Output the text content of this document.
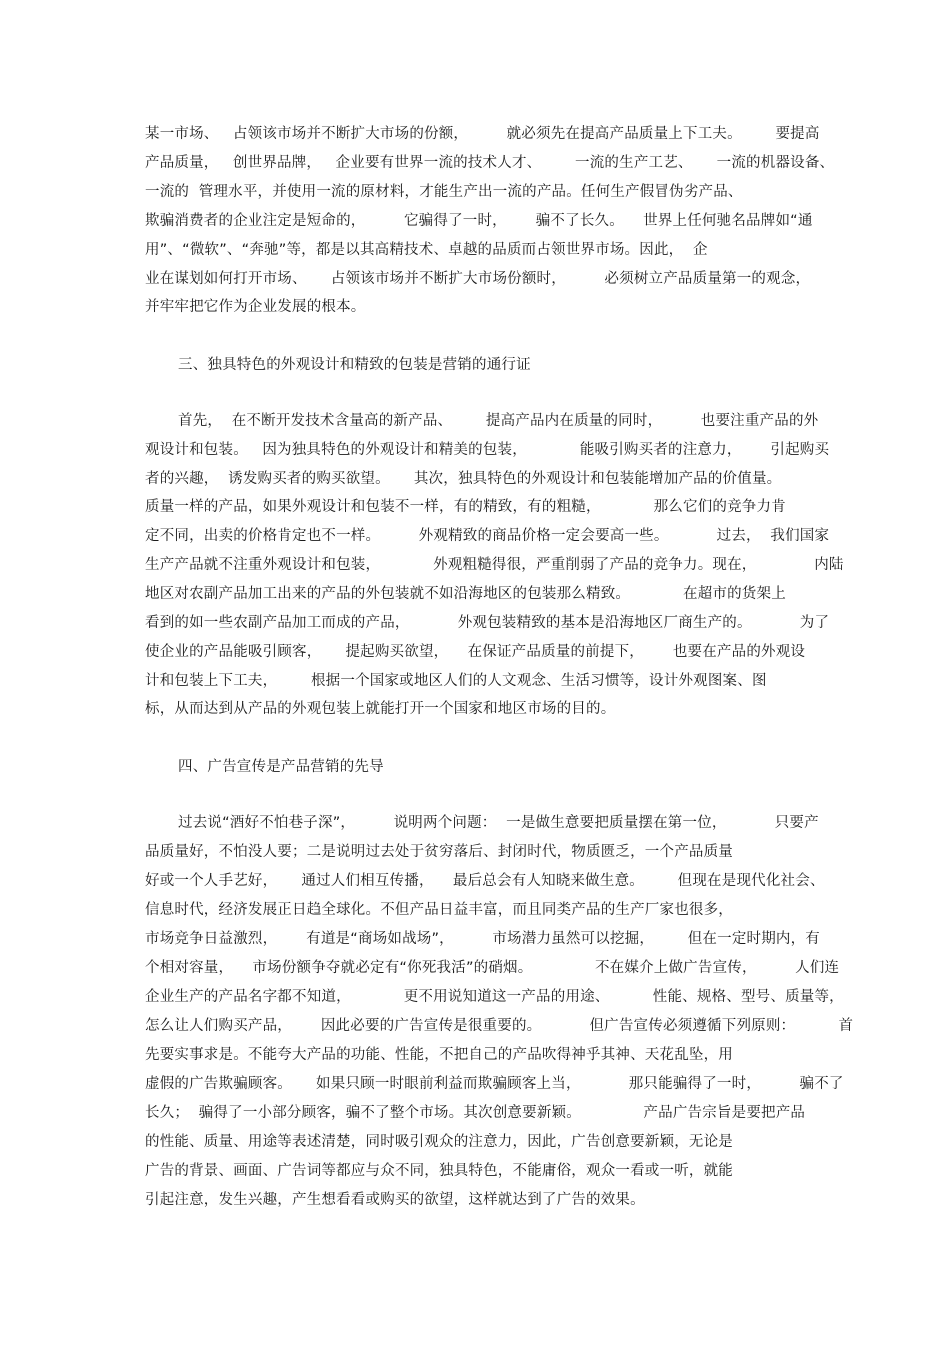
某一市场、   占领该市场并不断扩大市场的份额，        就必须先在提高产品质量上下工夫。       要提高
产品质量，   创世界品牌，   企业要有世界一流的技术人才、       一流的生产工艺、     一流的机器设备、
一流的  管理水平，并使用一流的原材料，才能生产出一流的产品。任何生产假冒伪劣产品、
欺骗消费者的企业注定是短命的，        它骗得了一时，      骗不了长久。    世界上任何驰名品牌如“通
用”、“微软”、“奔驰”等，都是以其高精技术、卓越的品质而占领世界市场。因此，  企
业在谋划如何打开市场、     占领该市场并不断扩大市场份额时，        必须树立产品质量第一的观念，
并牢牢把它作为企业发展的根本。
三、独具特色的外观设计和精致的包装是营销的通行证
首先，  在不断开发技术含量高的新产品、       提高产品内在质量的同时，        也要注重产品的外
观设计和包装。   因为独具特色的外观设计和精美的包装，           能吸引购买者的注意力，      引起购买
者的兴趣，  诱发购买者的购买欲望。     其次，独具特色的外观设计和包装能增加产品的价值量。
质量一样的产品，如果外观设计和包装不一样，有的精致，有的粗糙，           那么它们的竞争力肯
定不同，出卖的价格肯定也不一样。        外观精致的商品价格一定会要高一些。          过去，  我们国家
生产产品就不注重外观设计和包装，           外观粗糙得很，严重削弱了产品的竞争力。现在，            内陆
地区对农副产品加工出来的产品的外包装就不如沿海地区的包装那么精致。           在超市的货架上
看到的如一些农副产品加工而成的产品，          外观包装精致的基本是沿海地区厂商生产的。          为了
使企业的产品能吸引顾客，     提起购买欲望，    在保证产品质量的前提下，      也要在产品的外观设
计和包装上下工夫，       根据一个国家或地区人们的人文观念、生活习惯等，设计外观图案、图
标，从而达到从产品的外观包装上就能打开一个国家和地区市场的目的。
四、广告宣传是产品营销的先导
过去说“酒好不怕巷子深”，        说明两个问题：  一是做生意要把质量摆在第一位，          只要产
品质量好，不怕没人要；二是说明过去处于贫穷落后、封闭时代，物质匮乏，一个产品质量
好或一个人手艺好，     通过人们相互传播，    最后总会有人知晓来做生意。       但现在是现代化社会、
信息时代，经济发展正日趋全球化。不但产品日益丰富，而且同类产品的生产厂家也很多，
市场竞争日益激烈，      有道是“商场如战场”，        市场潜力虽然可以挖掘，       但在一定时期内，有
个相对容量，    市场份额争夺就必定有“你死我活”的硝烟。             不在媒介上做广告宣传，        人们连
企业生产的产品名字都不知道，           更不用说知道这一产品的用途、         性能、规格、型号、质量等，
怎么让人们购买产品，      因此必要的广告宣传是很重要的。          但广告宣传必须遵循下列原则：         首
先要实事求是。不能夸大产品的功能、性能，不把自己的产品吹得神乎其神、天花乱坠，用
虚假的广告欺骗顾客。     如果只顾一时眼前利益而欺骗顾客上当，          那只能骗得了一时，        骗不了
长久；  骗得了一小部分顾客，骗不了整个市场。其次创意要新颖。             产品广告宗旨是要把产品
的性能、质量、用途等表述清楚，同时吸引观众的注意力，因此，广告创意要新颖，无论是
广告的背景、画面、广告词等都应与众不同，独具特色，不能庸俗，观众一看或一听，就能
引起注意，发生兴趣，产生想看看或购买的欲望，这样就达到了广告的效果。
